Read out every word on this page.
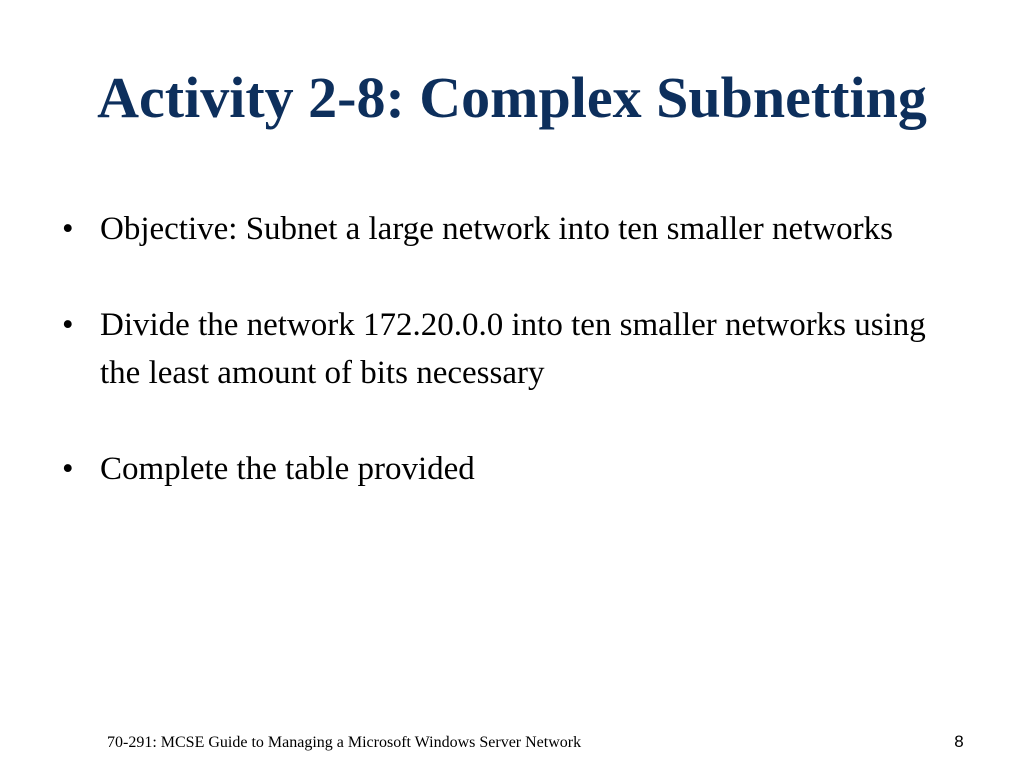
Activity 2-8: Complex Subnetting
• Objective: Subnet a large network into ten smaller networks
• Divide the network 172.20.0.0 into ten smaller networks using the least amount of bits necessary
• Complete the table provided
70-291: MCSE Guide to Managing a Microsoft Windows Server Network	8
